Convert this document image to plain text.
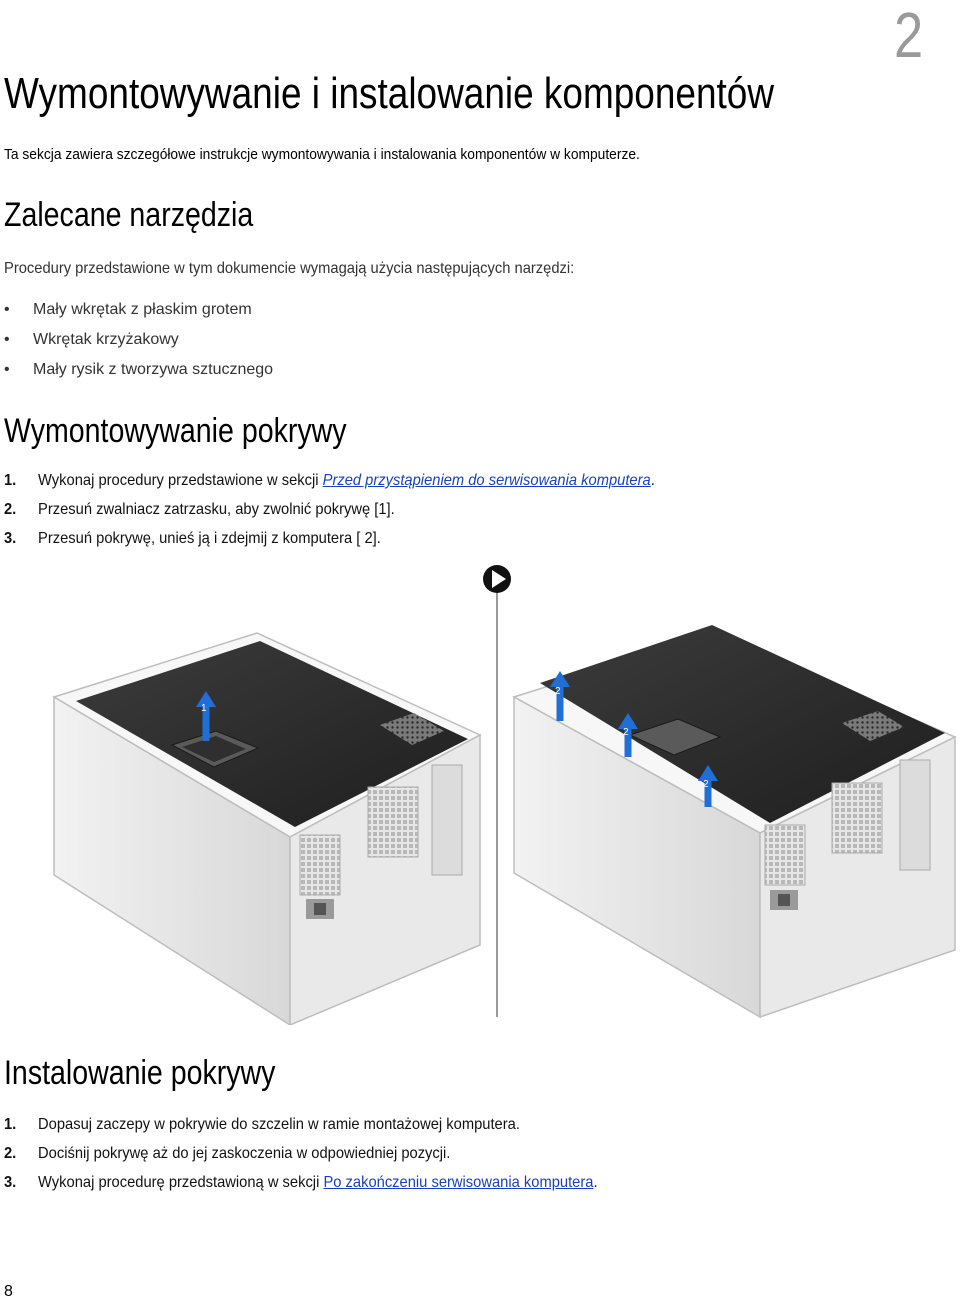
2
Wymontowywanie i instalowanie komponentów
Ta sekcja zawiera szczegółowe instrukcje wymontowywania i instalowania komponentów w komputerze.
Zalecane narzędzia
Procedury przedstawione w tym dokumencie wymagają użycia następujących narzędzi:
• Mały wkrętak z płaskim grotem
• Wkrętak krzyżakowy
• Mały rysik z tworzywa sztucznego
Wymontowywanie pokrywy
1. Wykonaj procedury przedstawione w sekcji Przed przystąpieniem do serwisowania komputera.
2. Przesuń zwalniacz zatrzasku, aby zwolnić pokrywę [1].
3. Przesuń pokrywę, unieś ją i zdejmij z komputera [ 2].
1
2
2
2
Instalowanie pokrywy
1. Dopasuj zaczepy w pokrywie do szczelin w ramie montażowej komputera.
2. Dociśnij pokrywę aż do jej zaskoczenia w odpowiedniej pozycji.
3. Wykonaj procedurę przedstawioną w sekcji Po zakończeniu serwisowania komputera.
8
